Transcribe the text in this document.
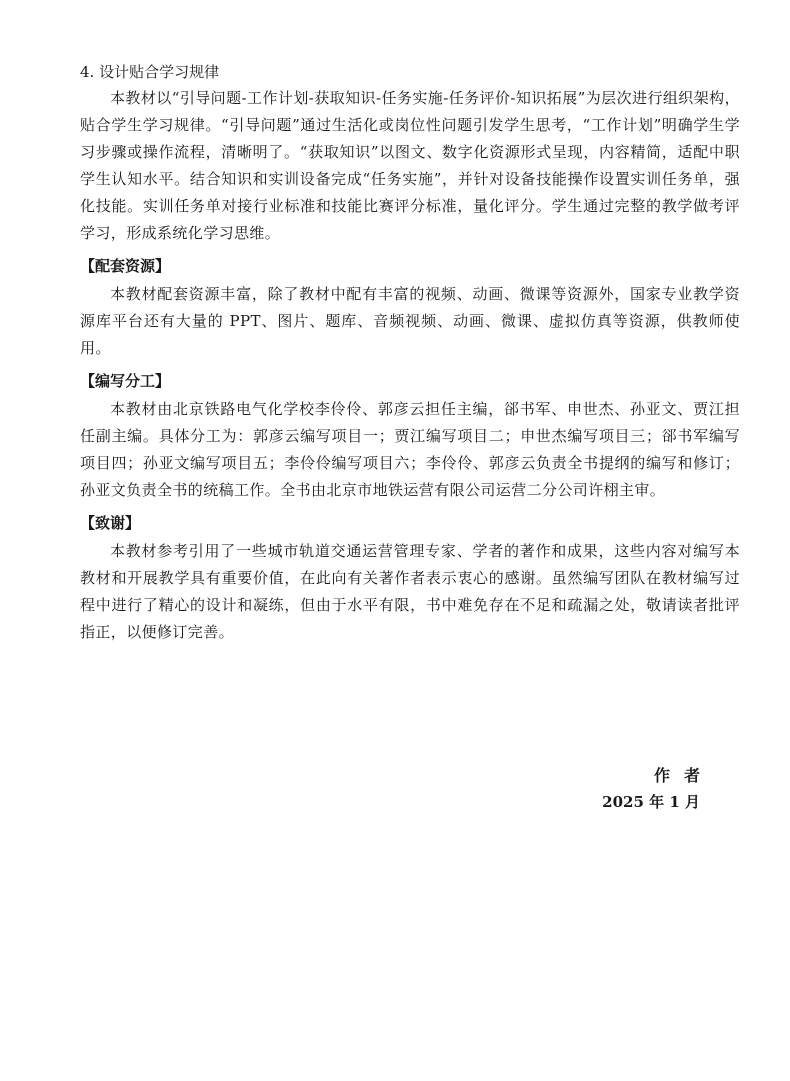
4. 设计贴合学习规律

本教材以“引导问题-工作计划-获取知识-任务实施-任务评价-知识拓展”为层次进行组织架构，贴合学生学习规律。“引导问题”通过生活化或岗位性问题引发学生思考，“工作计划”明确学生学习步骤或操作流程，清晰明了。“获取知识”以图文、数字化资源形式呈现，内容精简，适配中职学生认知水平。结合知识和实训设备完成“任务实施”，并针对设备技能操作设置实训任务单，强化技能。实训任务单对接行业标准和技能比赛评分标准，量化评分。学生通过完整的教学做考评学习，形成系统化学习思维。

【配套资源】

本教材配套资源丰富，除了教材中配有丰富的视频、动画、微课等资源外，国家专业教学资源库平台还有大量的 PPT、图片、题库、音频视频、动画、微课、虚拟仿真等资源，供教师使用。

【编写分工】

本教材由北京铁路电气化学校李伶伶、郭彦云担任主编，郤书军、申世杰、孙亚文、贾江担任副主编。具体分工为：郭彦云编写项目一；贾江编写项目二；申世杰编写项目三；郤书军编写项目四；孙亚文编写项目五；李伶伶编写项目六；李伶伶、郭彦云负责全书提纲的编写和修订；孙亚文负责全书的统稿工作。全书由北京市地铁运营有限公司运营二分公司许栩主审。

【致谢】

本教材参考引用了一些城市轨道交通运营管理专家、学者的著作和成果，这些内容对编写本教材和开展教学具有重要价值，在此向有关著作者表示衷心的感谢。虽然编写团队在教材编写过程中进行了精心的设计和凝练，但由于水平有限，书中难免存在不足和疏漏之处，敬请读者批评指正，以便修订完善。

作者
2025 年 1 月
